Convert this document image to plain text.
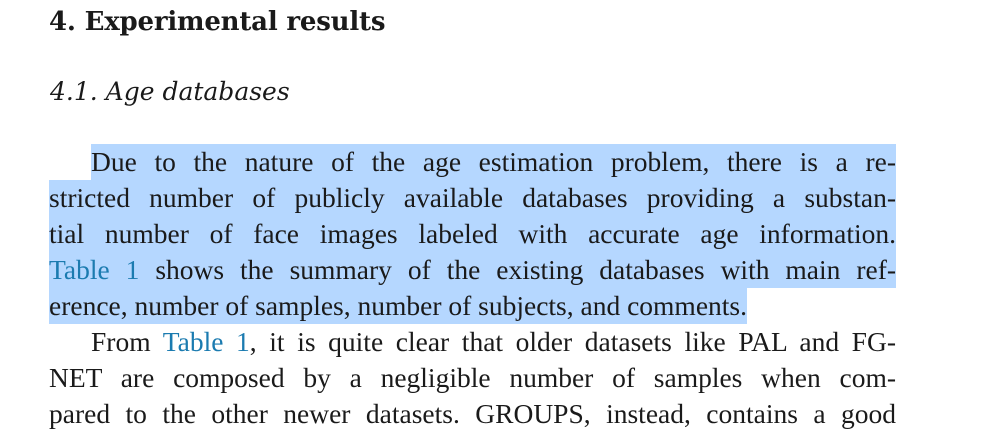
4. Experimental results
4.1. Age databases
Due to the nature of the age estimation problem, there is a re-
stricted number of publicly available databases providing a substan-
tial number of face images labeled with accurate age information.
Table 1 shows the summary of the existing databases with main ref-
erence, number of samples, number of subjects, and comments.
From Table 1, it is quite clear that older datasets like PAL and FG-
NET are composed by a negligible number of samples when com-
pared to the other newer datasets. GROUPS, instead, contains a good
